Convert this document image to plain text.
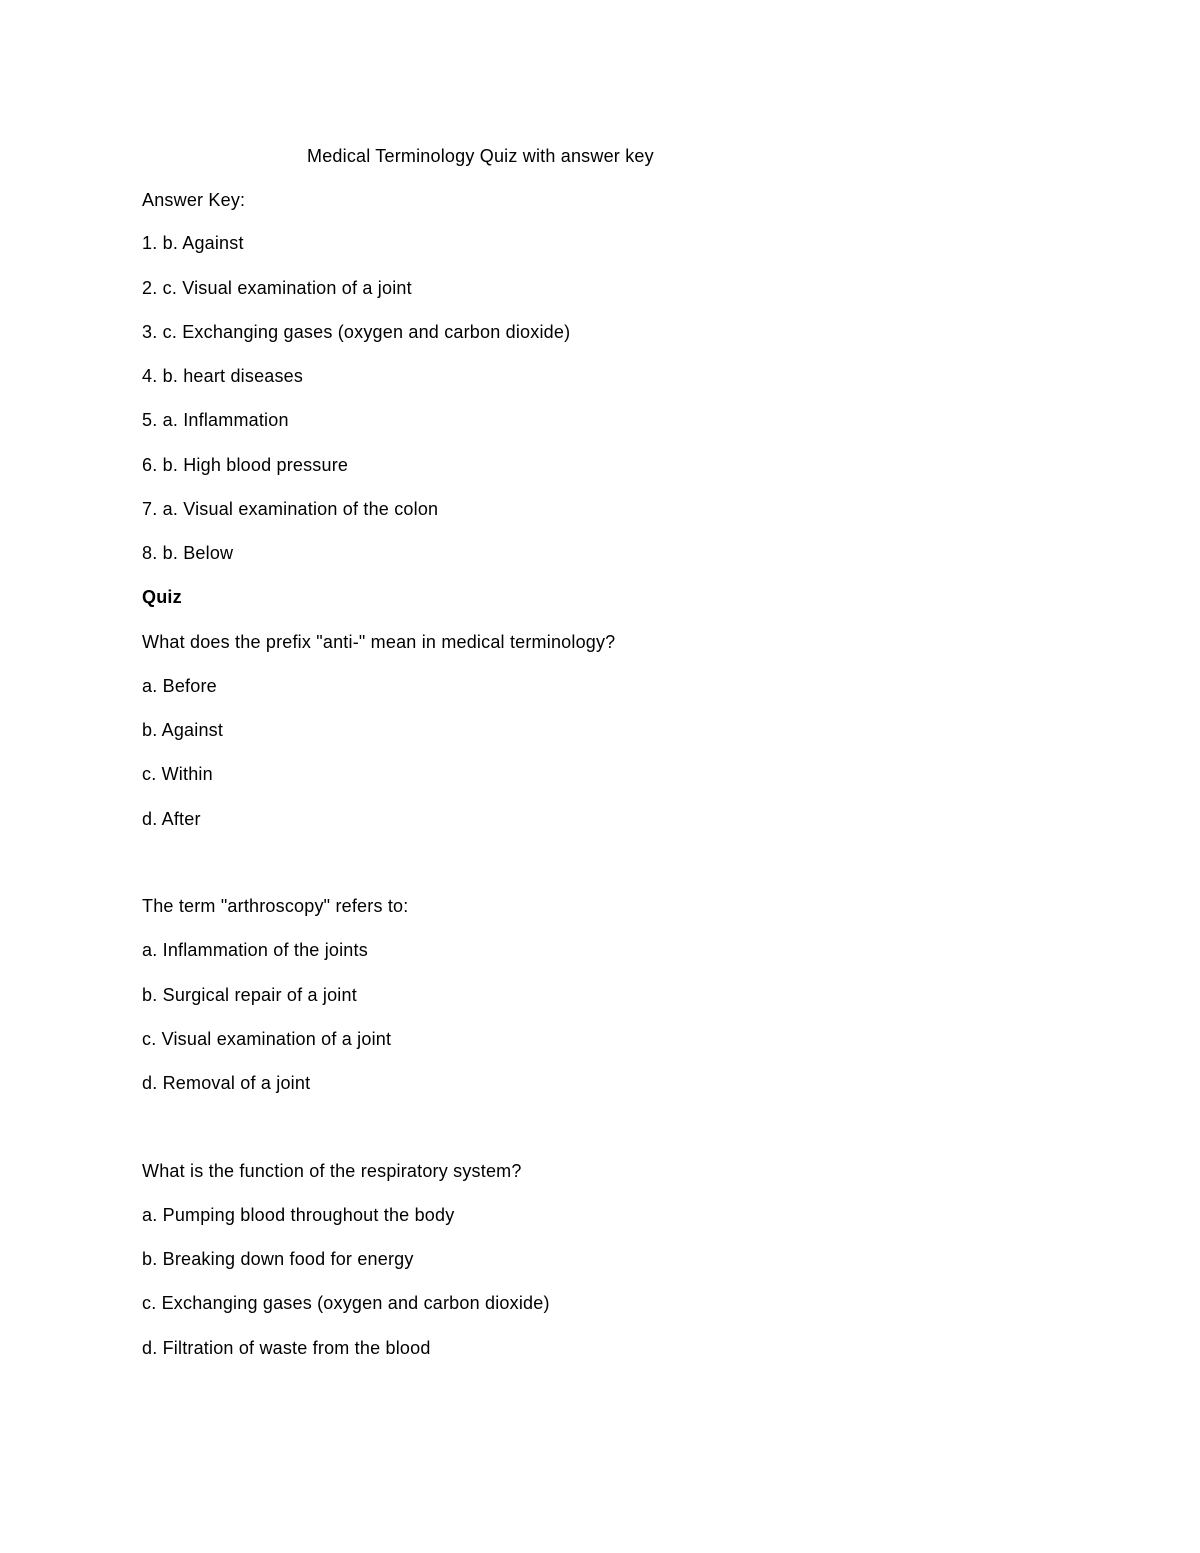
Medical Terminology Quiz with answer key
Answer Key:
1. b. Against
2. c. Visual examination of a joint
3. c. Exchanging gases (oxygen and carbon dioxide)
4. b. heart diseases
5. a. Inflammation
6. b. High blood pressure
7. a. Visual examination of the colon
8. b. Below
Quiz
What does the prefix "anti-" mean in medical terminology?
a. Before
b. Against
c. Within
d. After
The term "arthroscopy" refers to:
a. Inflammation of the joints
b. Surgical repair of a joint
c. Visual examination of a joint
d. Removal of a joint
What is the function of the respiratory system?
a. Pumping blood throughout the body
b. Breaking down food for energy
c. Exchanging gases (oxygen and carbon dioxide)
d. Filtration of waste from the blood
